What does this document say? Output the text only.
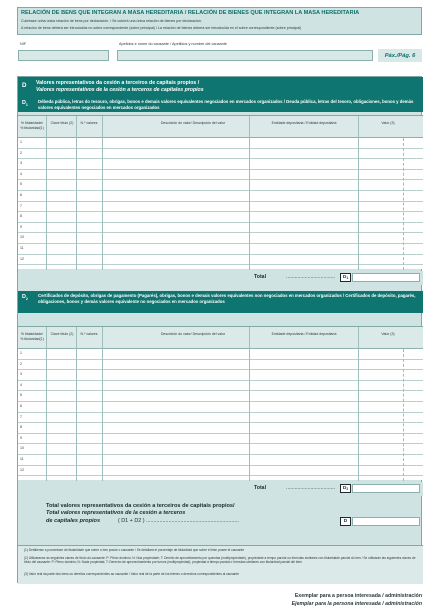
RELACIÓN DE BENS QUE INTEGRAN A MASA HEREDITARIA / RELACIÓN DE BIENES QUE INTEGRAN LA MASA HEREDITARIA
Cubrirase unha única relación de bens por declaración. / Se cubrirá una única relación de bienes por declaración.
A relación de bens deberá ser introducida no sobre correspondente (sobre principal) / La relación de bienes deberá ser introducida en el sobre correspondiente (sobre principal)
NIF	Apelidos e nome do causante / Apellidos y nombre del causante
Páx./Pág. 6
D Valores representativos da cesión a terceiros de capitais propios /
Valores representativos de la cesión a terceros de capitales propios
$D_1$
Débeda pública, letras do tesouro, obrigas, bonos e demais valores equivalentes negociados en mercados organizados / Deuda pública, letras del tesoro, obligaciones, bonos y demás valores equivalentes negociados en mercados organizados
% titularidade/ % titularidad(1)
Clave título (2)	N.º valores	Descrición do valor/ Descripción del valor	Entidade depositaria / Entidad depositaria	Valor (3)
1
2
3
4
5
6
7
8
9
10
11
12
Total	.................................. D 1
$D_2$
Certificados de depósito, obrigas de pagamento (Pagarés), obrigas, bonos e demais valores equivalentes non negociados en mercados organizados / Certificados de depósito, pagarés, obligaciones, bonos y demás valores equivalente no negociados en mercados organizados
% titularidade/ % titularidad(1)
Clave título (2)	N.º valores	Descrición do valor/ Descripción del valor	Entidade depositaria / Entidad depositaria	Valor (3)
1
2
3
4
5
6
7
8
9
10
11
12
Total	.................................. D 2
Total valores representativos da cesión a terceiros de capitais propios/
Total valores representativos de la cesión a terceros
de capitales propios	( D1 + D2 ) ..............................................................	D
(1) Detállense a porcentaxe de titularidade que sobre o ben posúe o causante / Se detallará el porcentaje de titularidad que sobre el bien posee el causante
(2) Utilizaranse as seguintes claves de título do causante: P: Pleno dominio; N: Núa propiedade; T: Dereito de aproveitamento por quendas (multipropiedade), propiedade a tempo parcial ou fórmulas similares con titularidade parcial do ben / Se utilizarán las siguientes claves de título del causante: P: Pleno dominio; N: Nuda propiedad; T: Derecho de aprovechamiento por turnos (multipropiedad), propiedad a tiempo parcial o fórmulas similares con titularidad parcial del bien
(3) Valor real da parte dos bens ou dereitos correspondentes ao causante / Valor real de la parte de los bienes o derechos correspondientes al causante
Exemplar para a persoa interesada / administración
Ejemplar para la persona interesada / administración
